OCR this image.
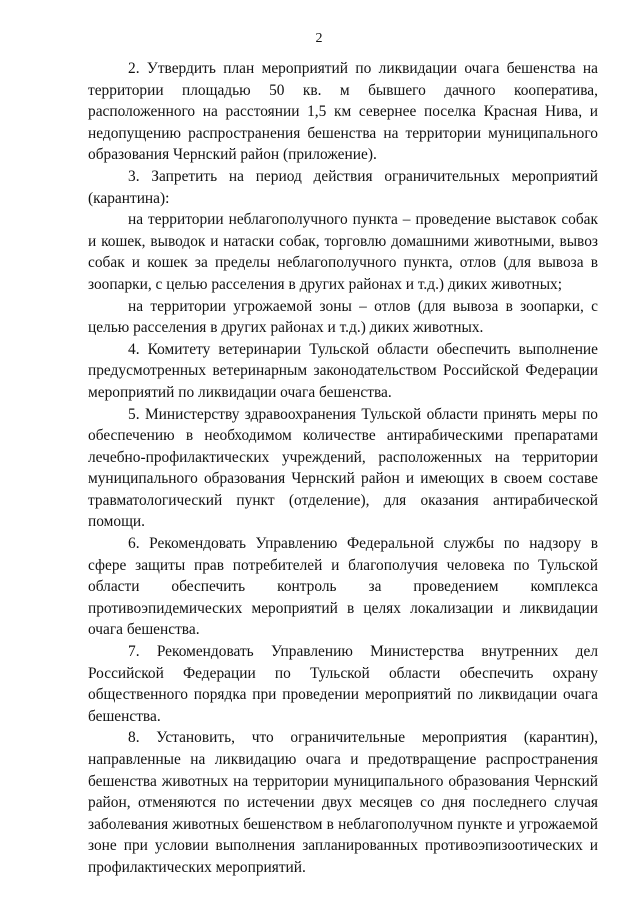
2

2. Утвердить план мероприятий по ликвидации очага бешенства на территории площадью 50 кв. м бывшего дачного кооператива, расположенного на расстоянии 1,5 км севернее поселка Красная Нива, и недопущению распространения бешенства на территории муниципального образования Чернский район (приложение).

3. Запретить на период действия ограничительных мероприятий (карантина):

на территории неблагополучного пункта – проведение выставок собак и кошек, выводок и натаски собак, торговлю домашними животными, вывоз собак и кошек за пределы неблагополучного пункта, отлов (для вывоза в зоопарки, с целью расселения в других районах и т.д.) диких животных;

на территории угрожаемой зоны – отлов (для вывоза в зоопарки, с целью расселения в других районах и т.д.) диких животных.

4. Комитету ветеринарии Тульской области обеспечить выполнение предусмотренных ветеринарным законодательством Российской Федерации мероприятий по ликвидации очага бешенства.

5. Министерству здравоохранения Тульской области принять меры по обеспечению в необходимом количестве антирабическими препаратами лечебно-профилактических учреждений, расположенных на территории муниципального образования Чернский район и имеющих в своем составе травматологический пункт (отделение), для оказания антирабической помощи.

6. Рекомендовать Управлению Федеральной службы по надзору в сфере защиты прав потребителей и благополучия человека по Тульской области обеспечить контроль за проведением комплекса противоэпидемических мероприятий в целях локализации и ликвидации очага бешенства.

7. Рекомендовать Управлению Министерства внутренних дел Российской Федерации по Тульской области обеспечить охрану общественного порядка при проведении мероприятий по ликвидации очага бешенства.

8. Установить, что ограничительные мероприятия (карантин), направленные на ликвидацию очага и предотвращение распространения бешенства животных на территории муниципального образования Чернский район, отменяются по истечении двух месяцев со дня последнего случая заболевания животных бешенством в неблагополучном пункте и угрожаемой зоне при условии выполнения запланированных противоэпизоотических и профилактических мероприятий.
